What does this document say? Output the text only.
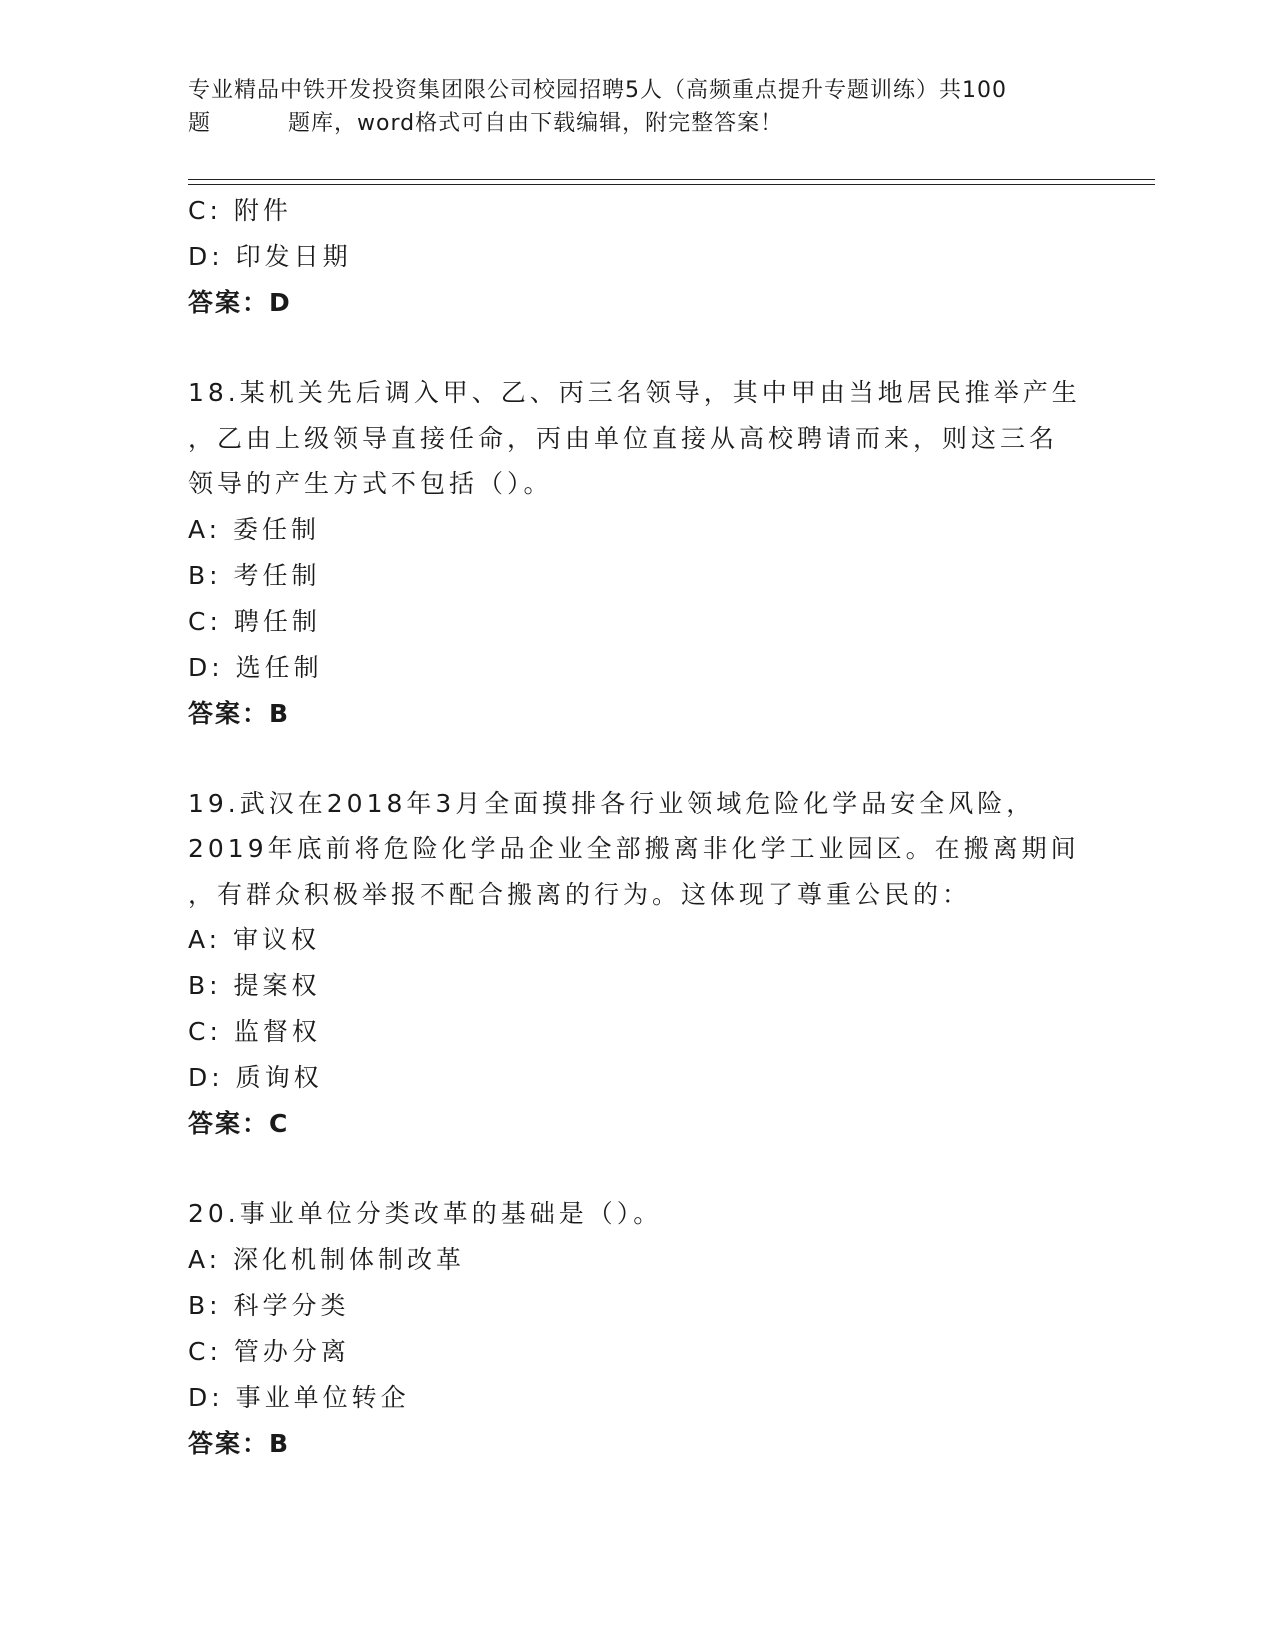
专业精品中铁开发投资集团限公司校园招聘5人（高频重点提升专题训练）共100
题	题库，word格式可自由下载编辑，附完整答案！
C: 附件
D: 印发日期
答案：D
18.某机关先后调入甲、乙、丙三名领导，其中甲由当地居民推举产生
，乙由上级领导直接任命，丙由单位直接从高校聘请而来，则这三名
领导的产生方式不包括（）。
A: 委任制
B: 考任制
C: 聘任制
D: 选任制
答案：B
19.武汉在2018年3月全面摸排各行业领域危险化学品安全风险，
2019年底前将危险化学品企业全部搬离非化学工业园区。在搬离期间
，有群众积极举报不配合搬离的行为。这体现了尊重公民的：
A: 审议权
B: 提案权
C: 监督权
D: 质询权
答案：C
20.事业单位分类改革的基础是（）。
A: 深化机制体制改革
B: 科学分类
C: 管办分离
D: 事业单位转企
答案：B
